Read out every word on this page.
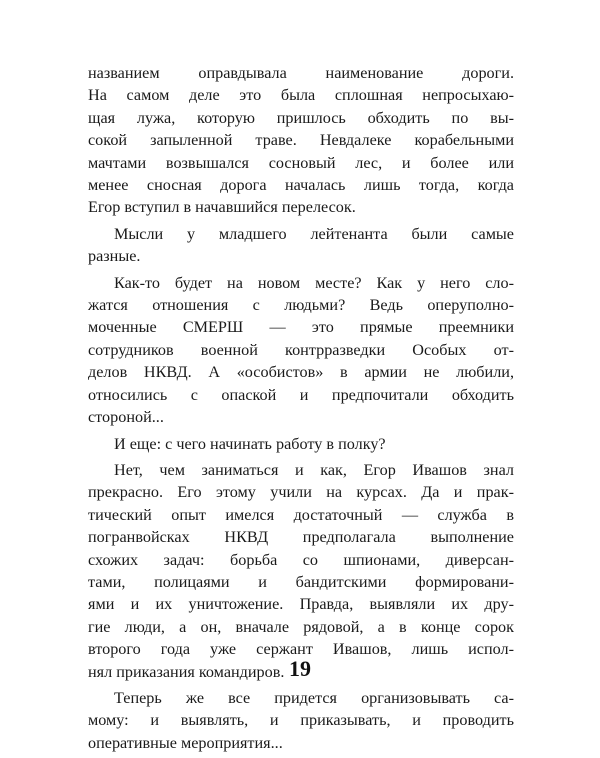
названием оправдывала наименование дороги.
На самом деле это была сплошная непросыхаю-
щая лужа, которую пришлось обходить по вы-
сокой запыленной траве. Невдалеке корабельными
мачтами возвышался сосновый лес, и более или
менее сносная дорога началась лишь тогда, когда
Егор вступил в начавшийся перелесок.
Мысли у младшего лейтенанта были самые
разные.
Как-то будет на новом месте? Как у него сло-
жатся отношения с людьми? Ведь оперуполно-
моченные СМЕРШ — это прямые преемники
сотрудников военной контрразведки Особых от-
делов НКВД. А «особистов» в армии не любили,
относились с опаской и предпочитали обходить
стороной...
И еще: с чего начинать работу в полку?
Нет, чем заниматься и как, Егор Ивашов знал
прекрасно. Его этому учили на курсах. Да и прак-
тический опыт имелся достаточный — служба в
погранвойсках НКВД предполагала выполнение
схожих задач: борьба со шпионами, диверсан-
тами, полицаями и бандитскими формировани-
ями и их уничтожение. Правда, выявляли их дру-
гие люди, а он, вначале рядовой, а в конце сорок
второго года уже сержант Ивашов, лишь испол-
нял приказания командиров.
Теперь же все придется организовывать са-
мому: и выявлять, и приказывать, и проводить
оперативные мероприятия...
19
